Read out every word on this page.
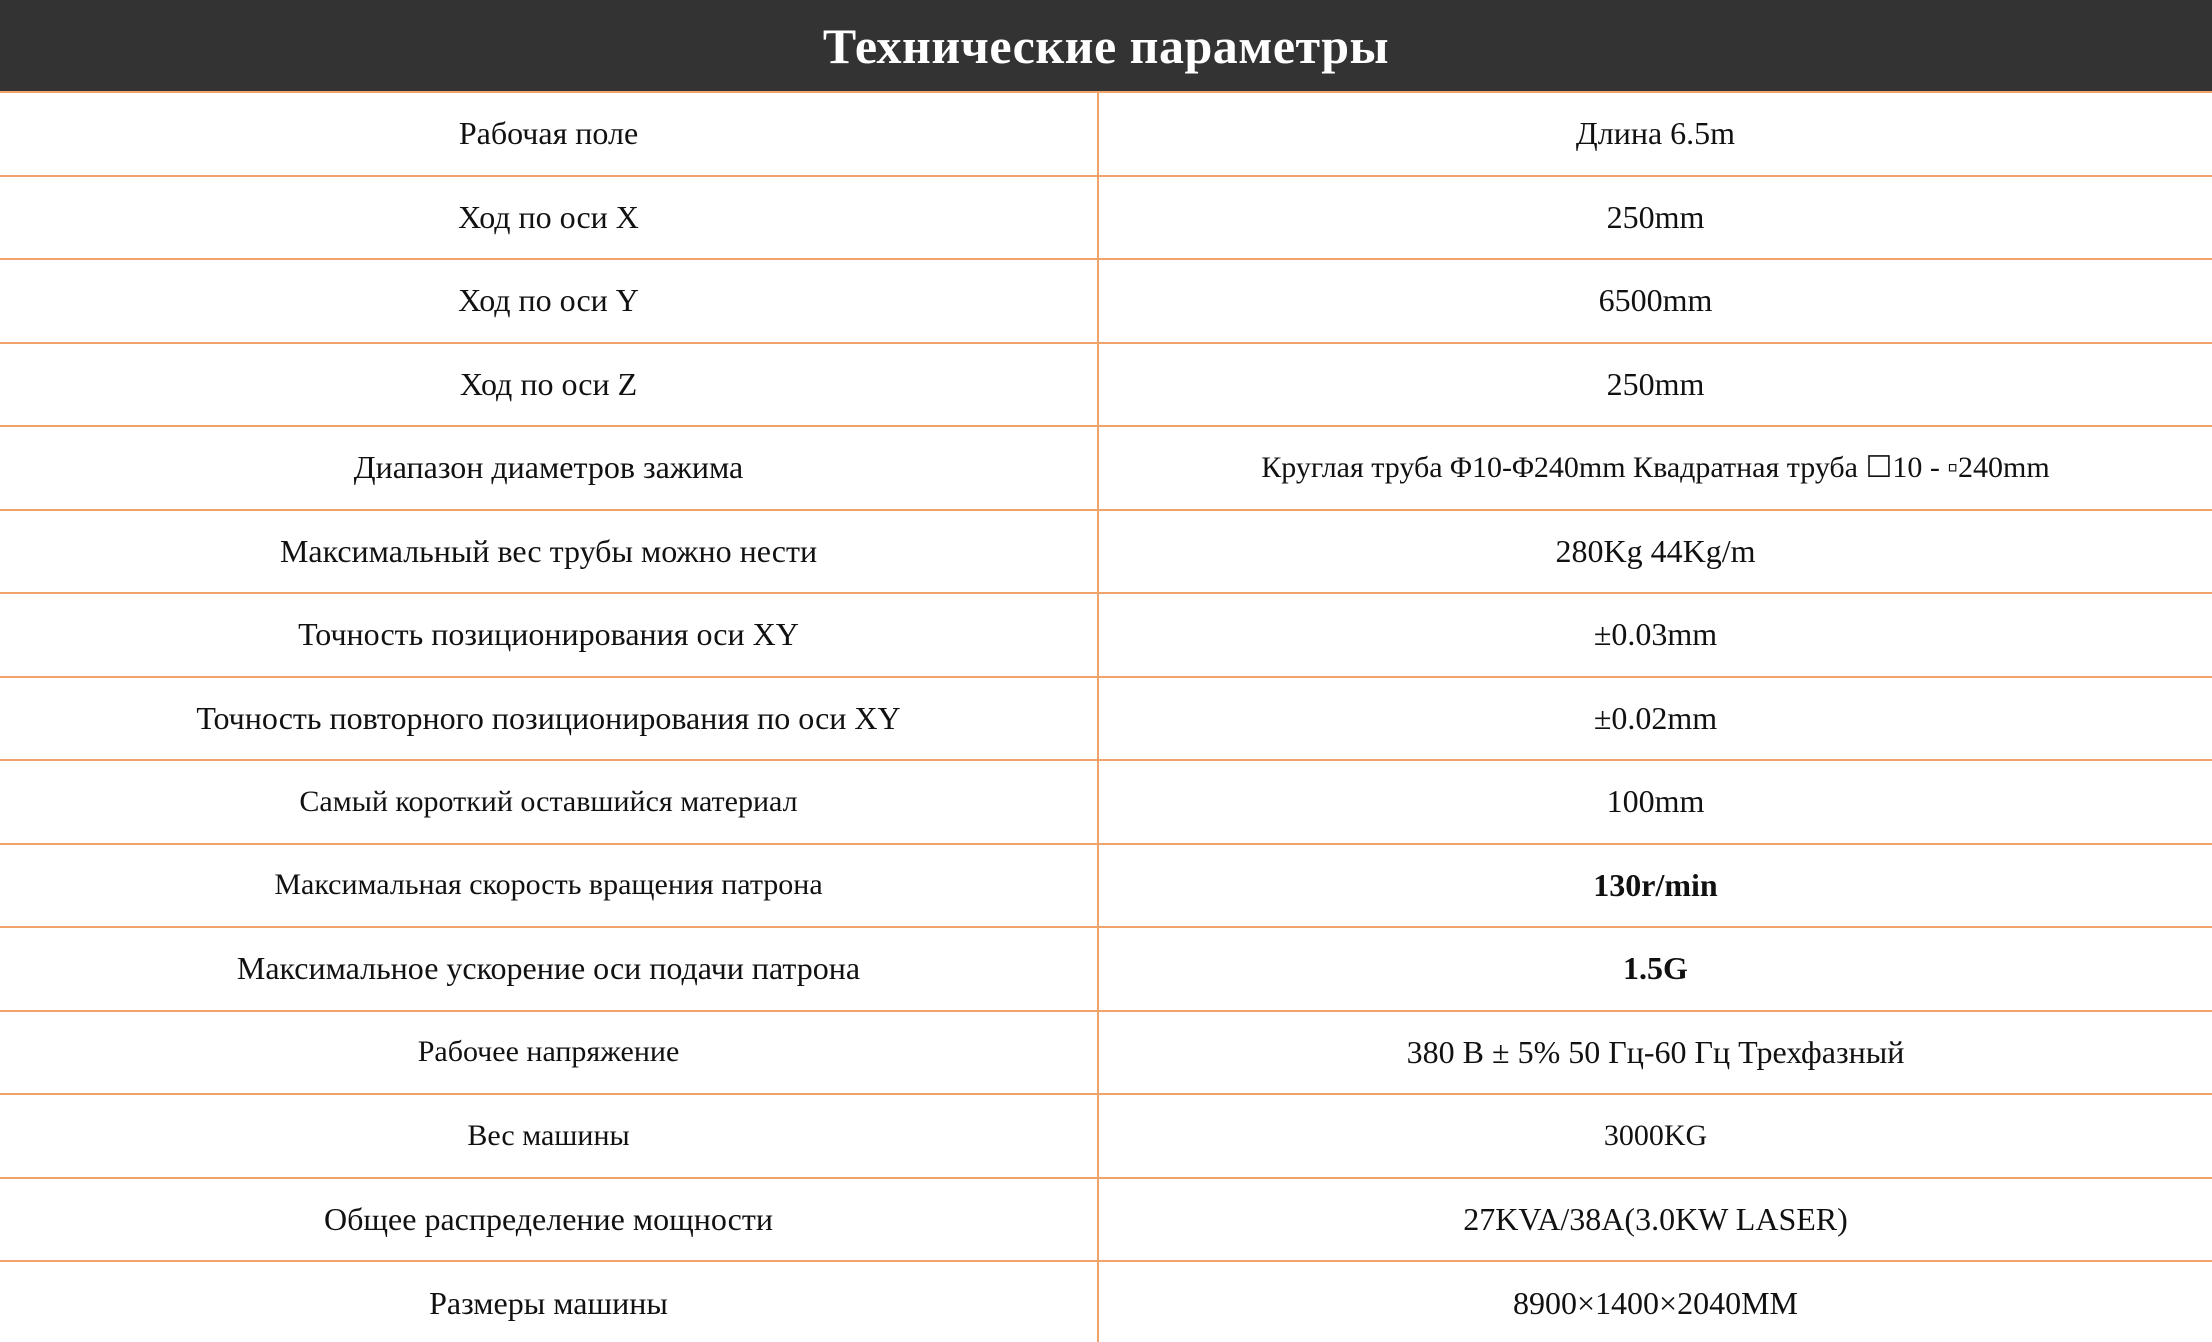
Технические параметры
Рабочая поле	Длина 6.5m
Ход по оси X	250mm
Ход по оси Y	6500mm
Ход по оси Z	250mm
Диапазон диаметров зажима	Круглая труба Φ10-Φ240mm Квадратная труба ☐10 - ▫240mm
Максимальный вес трубы можно нести	280Kg 44Kg/m
Точность позиционирования оси XY	±0.03mm
Точность повторного позиционирования по оси XY	±0.02mm
Самый короткий оставшийся материал	100mm
Максимальная скорость вращения патрона	130r/min
Максимальное ускорение оси подачи патрона	1.5G
Рабочее напряжение	380 В ± 5% 50 Гц-60 Гц Трехфазный
Вес машины	3000KG
Общее распределение мощности	27KVA/38A(3.0KW LASER)
Размеры машины	8900×1400×2040MM
